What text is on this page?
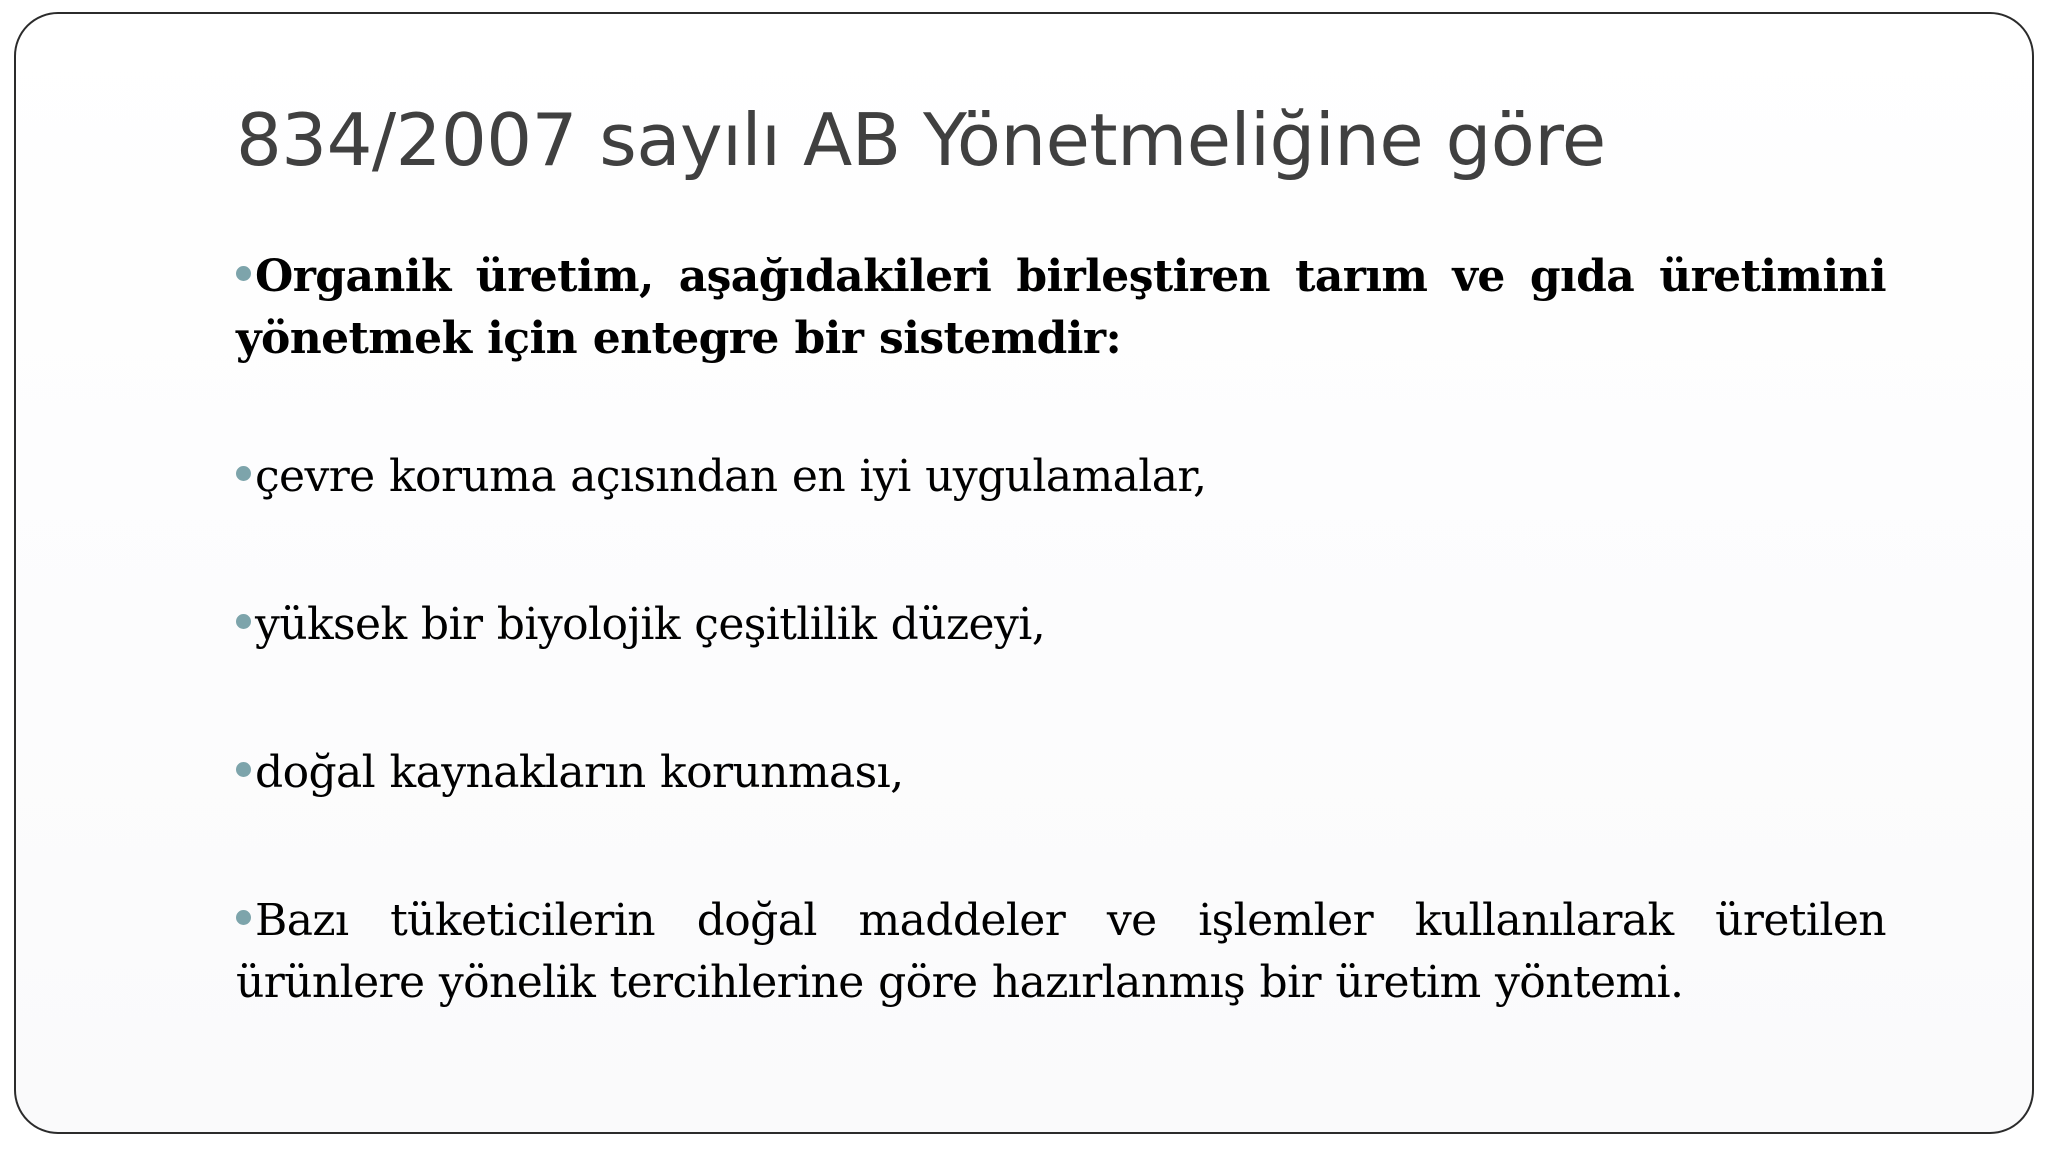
834/2007 sayılı AB Yönetmeliğine göre
Organik üretim, aşağıdakileri birleştiren tarım ve gıda üretimini yönetmek için entegre bir sistemdir:
çevre koruma açısından en iyi uygulamalar,
yüksek bir biyolojik çeşitlilik düzeyi,
doğal kaynakların korunması,
Bazı tüketicilerin doğal maddeler ve işlemler kullanılarak üretilen ürünlere yönelik tercihlerine göre hazırlanmış bir üretim yöntemi.
